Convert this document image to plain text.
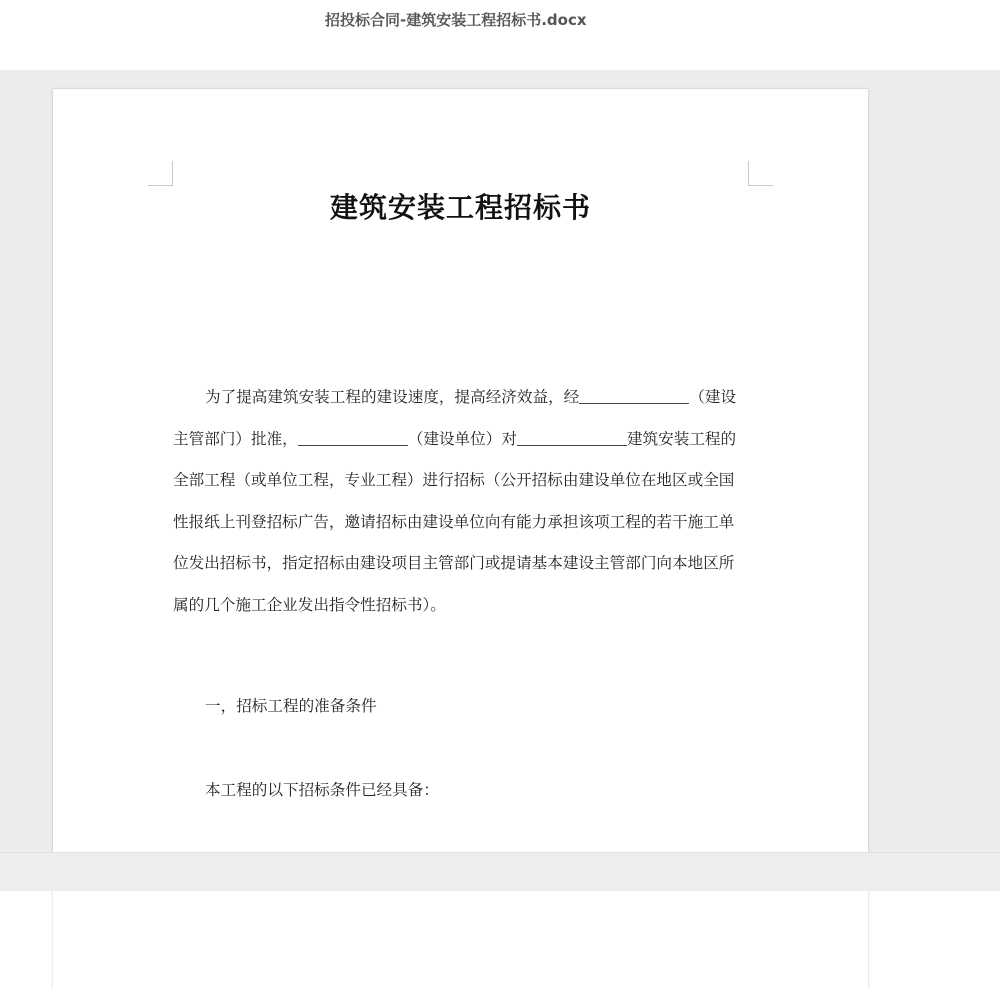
招投标合同-建筑安装工程招标书.docx
建筑安装工程招标书
为了提高建筑安装工程的建设速度，提高经济效益，经	（建设主管部门）批准，	（建设单位）对	建筑安装工程的全部工程（或单位工程，专业工程）进行招标（公开招标由建设单位在地区或全国性报纸上刊登招标广告，邀请招标由建设单位向有能力承担该项工程的若干施工单位发出招标书，指定招标由建设项目主管部门或提请基本建设主管部门向本地区所属的几个施工企业发出指令性招标书）。
一，招标工程的准备条件
本工程的以下招标条件已经具备：
